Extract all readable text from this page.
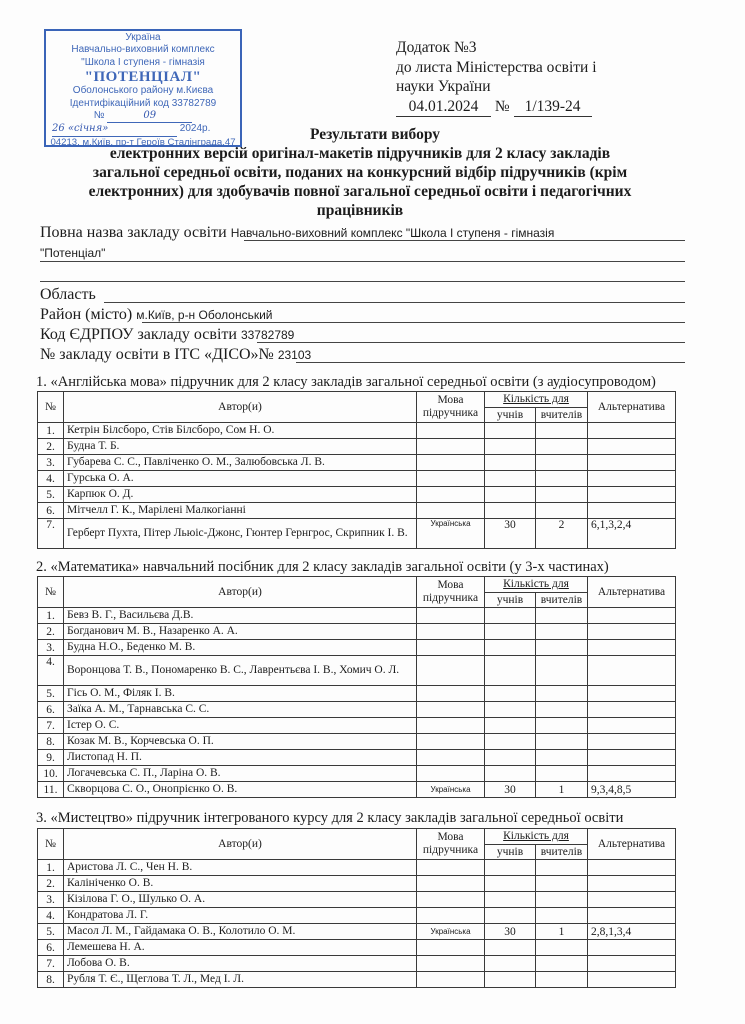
Україна
Навчально-виховний комплекс
"Школа І ступеня - гімназія
"ПОТЕНЦІАЛ"
Оболонського району м.Києва
Ідентифікаційний код 33782789
№	09
26 «січня»	2024р.
04213, м.Київ, пр-т Героїв Сталінграда,47
Додаток №3
до листа Міністерства освіти і
науки України
04.01.2024 № 1/139-24
Результати вибору
електронних версій оригінал-макетів підручників для 2 класу закладів
загальної середньої освіти, поданих на конкурсний відбір підручників (крім
електронних) для здобувачів повної загальної середньої освіти і педагогічних
працівників
Повна назва закладу освіти Навчально-виховний комплекс "Школа І ступеня - гімназія
"Потенціал"
Область
Район (місто) м.Київ, р-н Оболонський
Код ЄДРПОУ закладу освіти 33782789
№ закладу освіти в ІТС «ДІСО»№ 23103
1. «Англійська мова» підручник для 2 класу закладів загальної середньої освіти (з аудіосупроводом)
№	Автор(и)	Мова
підручника	Кількість для		Альтернатива
			учнів	вчителів	
1.	Кетрін Білсборо, Стів Білсборо, Сом Н. О.				
2.	Будна Т. Б.				
3.	Губарева С. С., Павліченко О. М., Залюбовська Л. В.				
4.	Гурська О. А.				
5.	Карпюк О. Д.				
6.	Мітчелл Г. К., Марілені Малкогіанні				
7.	Герберт Пухта, Пітер Льюіс-Джонс, Гюнтер Гернгрос, Скрипник І. В.	Українська	30	2	6,1,3,2,4
2. «Математика» навчальний посібник для 2 класу закладів загальної освіти (у 3-х частинах)
№	Автор(и)	Мова
підручника	Кількість для		Альтернатива
			учнів	вчителів	
1.	Бевз В. Г., Васильєва Д.В.				
2.	Богданович М. В., Назаренко А. А.				
3.	Будна Н.О., Беденко М. В.				
4.	Воронцова Т. В., Пономаренко В. С., Лаврентьєва І. В., Хомич О. Л.				
5.	Гісь О. М., Філяк І. В.				
6.	Заїка А. М., Тарнавська С. С.				
7.	Істер О. С.				
8.	Козак М. В., Корчевська О. П.				
9.	Листопад Н. П.				
10.	Логачевська С. П., Ларіна О. В.				
11.	Скворцова С. О., Онопрієнко О. В.	Українська	30	1	9,3,4,8,5
3. «Мистецтво» підручник інтегрованого курсу для 2 класу закладів загальної середньої освіти
№	Автор(и)	Мова
підручника	Кількість для		Альтернатива
			учнів	вчителів	
1.	Аристова Л. С., Чен Н. В.				
2.	Калініченко О. В.				
3.	Кізілова Г. О., Шулько О. А.				
4.	Кондратова Л. Г.				
5.	Масол Л. М., Гайдамака О. В., Колотило О. М.	Українська	30	1	2,8,1,3,4
6.	Лемешева Н. А.				
7.	Лобова О. В.				
8.	Рубля Т. Є., Щеглова Т. Л., Мед І. Л.				
